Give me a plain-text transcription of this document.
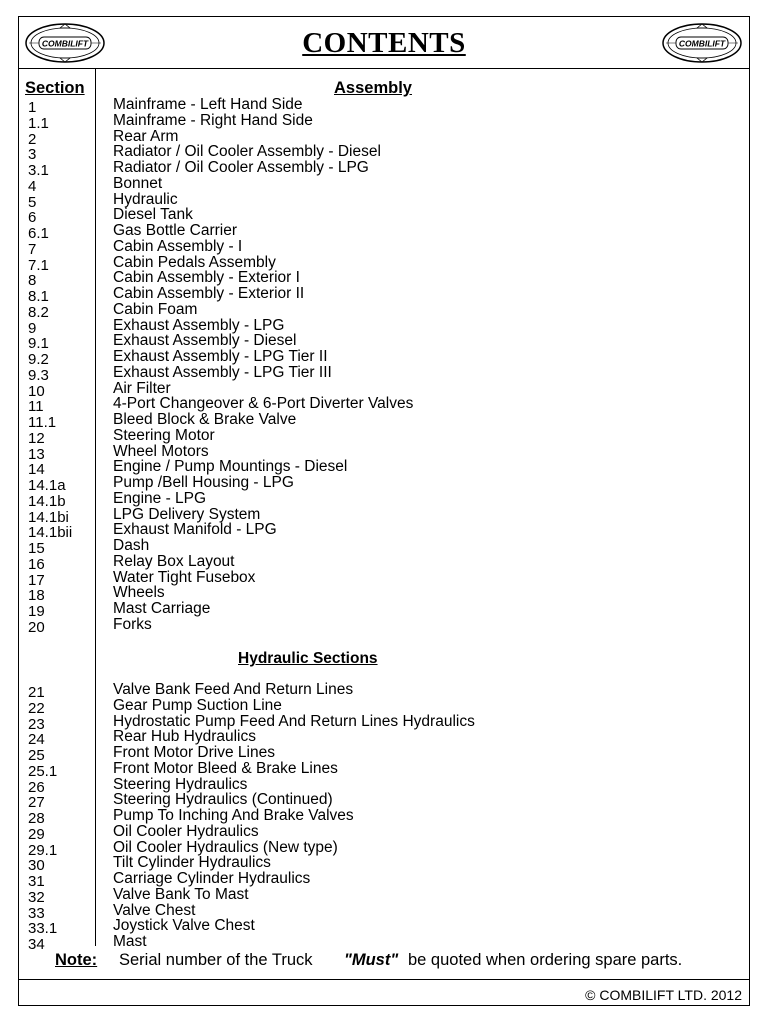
COMBILIFT	CONTENTS	COMBILIFT
Section	Assembly
1	Mainframe - Left Hand Side
1.1	Mainframe - Right Hand Side
2	Rear Arm
3	Radiator / Oil Cooler Assembly - Diesel
3.1	Radiator / Oil Cooler Assembly - LPG
4	Bonnet
5	Hydraulic
6	Diesel Tank
6.1	Gas Bottle Carrier
7	Cabin Assembly - I
7.1	Cabin Pedals Assembly
8	Cabin Assembly - Exterior I
8.1	Cabin Assembly - Exterior II
8.2	Cabin Foam
9	Exhaust Assembly - LPG
9.1	Exhaust Assembly - Diesel
9.2	Exhaust Assembly - LPG Tier II
9.3	Exhaust Assembly - LPG Tier III
10	Air Filter
11	4-Port Changeover & 6-Port Diverter Valves
11.1	Bleed Block & Brake Valve
12	Steering Motor
13	Wheel Motors
14	Engine / Pump Mountings - Diesel
14.1a	Pump /Bell Housing - LPG
14.1b	Engine - LPG
14.1bi	LPG Delivery System
14.1bii	Exhaust Manifold - LPG
15	Dash
16	Relay Box Layout
17	Water Tight Fusebox
18	Wheels
19	Mast Carriage
20	Forks
Hydraulic Sections
21	Valve Bank Feed And Return Lines
22	Gear Pump Suction Line
23	Hydrostatic Pump Feed And Return Lines Hydraulics
24	Rear Hub Hydraulics
25	Front Motor Drive Lines
25.1	Front Motor Bleed & Brake Lines
26	Steering Hydraulics
27	Steering Hydraulics (Continued)
28	Pump To Inching And Brake Valves
29	Oil Cooler Hydraulics
29.1	Oil Cooler Hydraulics (New type)
30	Tilt Cylinder Hydraulics
31	Carriage Cylinder Hydraulics
32	Valve Bank To Mast
33	Valve Chest
33.1	Joystick Valve Chest
34	Mast
Note: Serial number of the Truck "Must" be quoted when ordering spare parts.
© COMBILIFT LTD. 2012
